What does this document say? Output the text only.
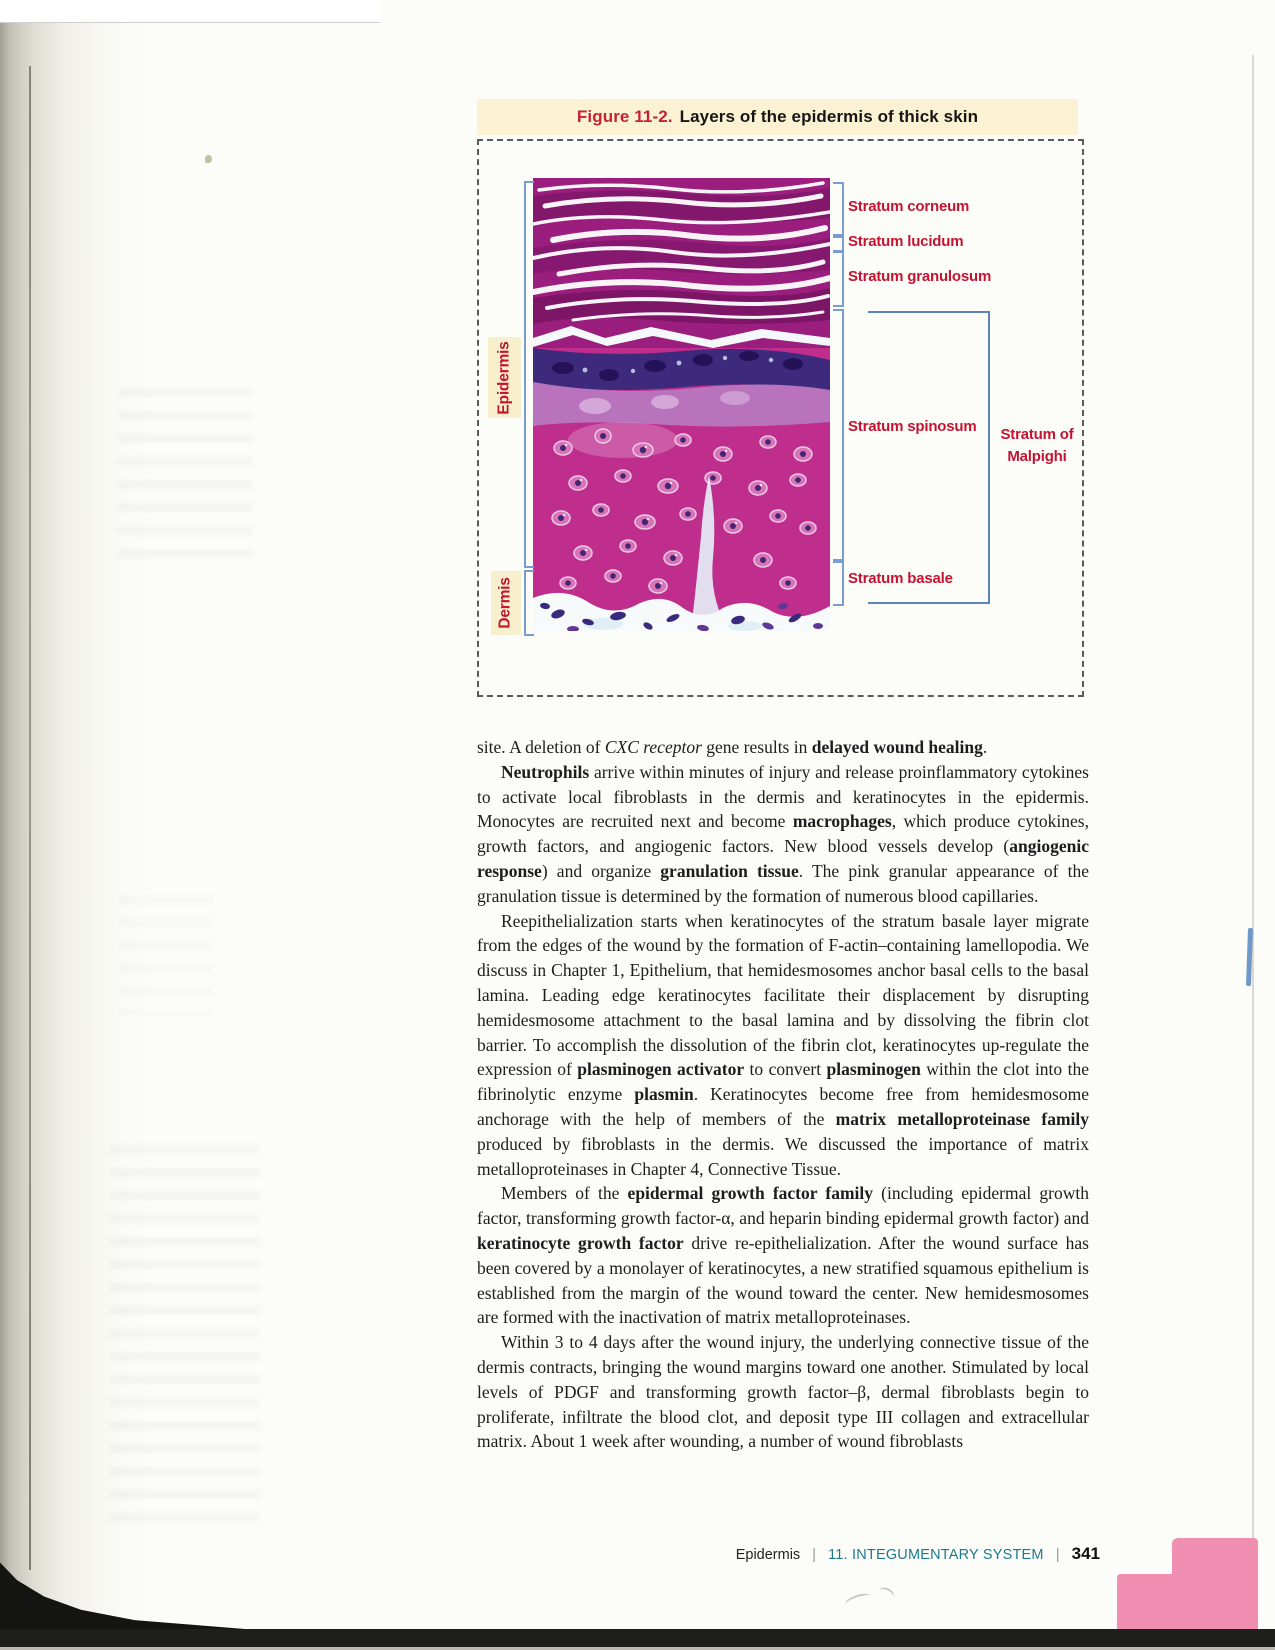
Figure 11-2. Layers of the epidermis of thick skin
Stratum corneum
Stratum lucidum
Stratum granulosum
Stratum spinosum
Stratum basale
Stratum of
Malpighi
Epidermis
Dermis

site. A deletion of CXC receptor gene results in delayed wound healing.

Neutrophils arrive within minutes of injury and release proinflammatory cytokines to activate local fibroblasts in the dermis and keratinocytes in the epidermis. Monocytes are recruited next and become macrophages, which produce cytokines, growth factors, and angiogenic factors. New blood vessels develop (angiogenic response) and organize granulation tissue. The pink granular appearance of the granulation tissue is determined by the formation of numerous blood capillaries.

Reepithelialization starts when keratinocytes of the stratum basale layer migrate from the edges of the wound by the formation of F-actin–containing lamellopodia. We discuss in Chapter 1, Epithelium, that hemidesmosomes anchor basal cells to the basal lamina. Leading edge keratinocytes facilitate their displacement by disrupting hemidesmosome attachment to the basal lamina and by dissolving the fibrin clot barrier. To accomplish the dissolution of the fibrin clot, keratinocytes up-regulate the expression of plasminogen activator to convert plasminogen within the clot into the fibrinolytic enzyme plasmin. Keratinocytes become free from hemidesmosome anchorage with the help of members of the matrix metalloproteinase family produced by fibroblasts in the dermis. We discussed the importance of matrix metalloproteinases in Chapter 4, Connective Tissue.

Members of the epidermal growth factor family (including epidermal growth factor, transforming growth factor-α, and heparin binding epidermal growth factor) and keratinocyte growth factor drive re-epithelialization. After the wound surface has been covered by a monolayer of keratinocytes, a new stratified squamous epithelium is established from the margin of the wound toward the center. New hemidesmosomes are formed with the inactivation of matrix metalloproteinases.

Within 3 to 4 days after the wound injury, the underlying connective tissue of the dermis contracts, bringing the wound margins toward one another. Stimulated by local levels of PDGF and transforming growth factor–β, dermal fibroblasts begin to proliferate, infiltrate the blood clot, and deposit type III collagen and extracellular matrix. About 1 week after wounding, a number of wound fibroblasts

Epidermis | 11. INTEGUMENTARY SYSTEM | 341
